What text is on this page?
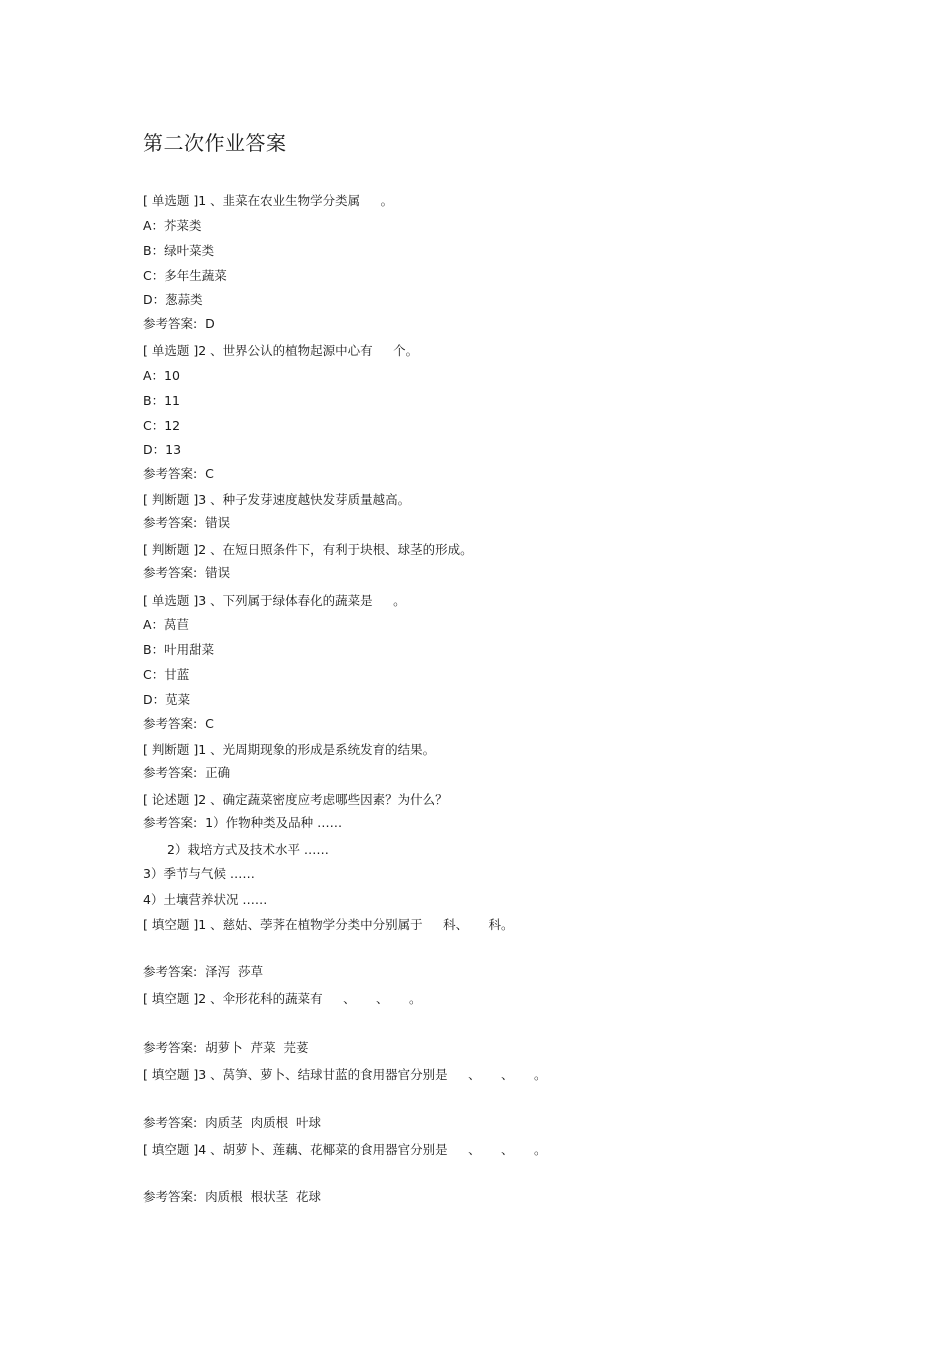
第二次作业答案
[ 单选题 ]1 、韭菜在农业生物学分类属 　 。
A：芥菜类
B：绿叶菜类
C：多年生蔬菜
D：葱蒜类
参考答案:  D
[ 单选题 ]2 、世界公认的植物起源中心有 　 个。
A：10
B：11
C：12
D：13
参考答案:  C
[ 判断题 ]3 、种子发芽速度越快发芽质量越高。
参考答案:  错误
[ 判断题 ]2 、在短日照条件下，有利于块根、球茎的形成。
参考答案:  错误
[ 单选题 ]3 、下列属于绿体春化的蔬菜是 　 。
A：莴苣
B：叶用甜菜
C：甘蓝
D：苋菜
参考答案:  C
[ 判断题 ]1 、光周期现象的形成是系统发育的结果。
参考答案:  正确
[ 论述题 ]2 、确定蔬菜密度应考虑哪些因素？为什么？
参考答案:  1）作物种类及品种 ……
2）栽培方式及技术水平 ……
3）季节与气候 ……
4）土壤营养状况 ……
[ 填空题 ]1 、慈姑、荸荠在植物学分类中分别属于 　 科、 　 科。
参考答案:  泽泻  莎草
[ 填空题 ]2 、伞形花科的蔬菜有 　 、 　 、 　 。
参考答案:  胡萝卜  芹菜  芫荽
[ 填空题 ]3 、莴笋、萝卜、结球甘蓝的食用器官分别是 　 、 　 、 　 。
参考答案:  肉质茎  肉质根  叶球
[ 填空题 ]4 、胡萝卜、莲藕、花椰菜的食用器官分别是 　 、 　 、 　 。
参考答案:  肉质根  根状茎  花球
